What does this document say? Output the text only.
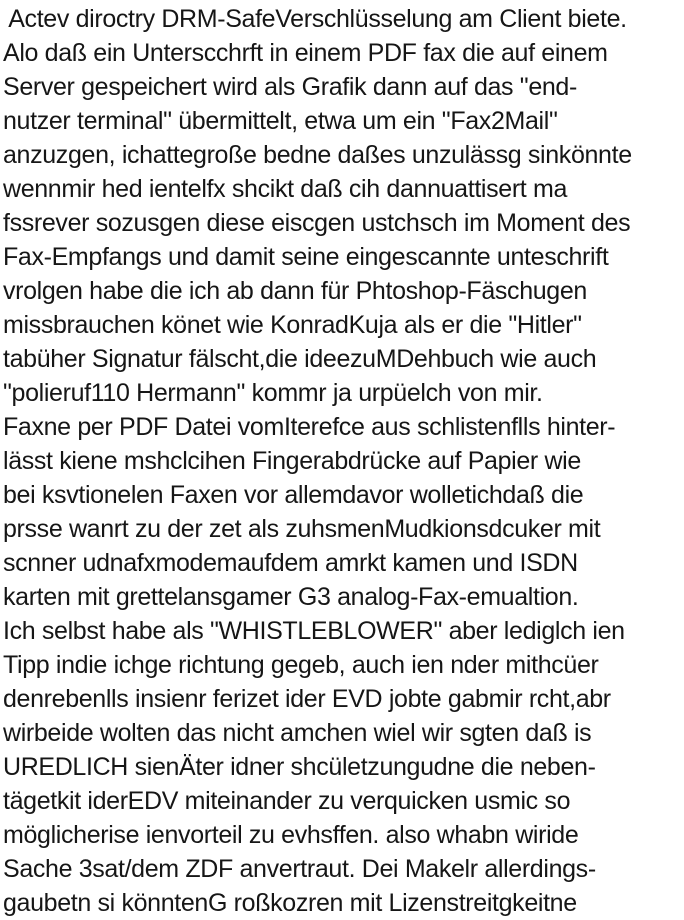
Actev diroctry DRM-SafeVerschlüsselung am Client biete.
Alo daß ein Unterscchrft in einem PDF fax die auf einem
Server gespeichert wird als Grafik dann auf das "end-
nutzer terminal" übermittelt, etwa um ein "Fax2Mail"
anzuzgen, ichattegroße bedne daßes unzulässg sinkönnte
wennmir hed ientelfx shcikt daß cih dannuattisert ma
fssrever sozusgen diese eiscgen ustchsch im Moment des
Fax-Empfangs und damit seine eingescannte unteschrift
vrolgen habe die ich ab dann für Phtoshop-Fäschugen
missbrauchen könet wie KonradKuja als er die "Hitler"
tabüher Signatur fälscht,die ideezuMDehbuch wie auch
"polieruf110 Hermann" kommr ja urpüelch von mir.
Faxne per PDF Datei vomIterefce aus schlistenflls hinter-
lässt kiene mshclcihen Fingerabdrücke auf Papier wie
bei ksvtionelen Faxen vor allemdavor wolletichdaß die
prsse wanrt zu der zet als zuhsmenMudkionsdcuker mit
scnner udnafxmodemaufdem amrkt kamen und ISDN
karten mit grettelansgamer G3 analog-Fax-emualtion.
Ich selbst habe als "WHISTLEBLOWER" aber lediglch ien
Tipp indie ichge richtung gegeb, auch ien nder mithcüer
denrebenlls insienr ferizet ider EVD jobte gabmir rcht,abr
wirbeide wolten das nicht amchen wiel wir sgten daß is
UREDLICH sienÄter idner shcületzungudne die neben-
tägetkit iderEDV miteinander zu verquicken usmic so
möglicherise ienvorteil zu evhsffen. also whabn wiride
Sache 3sat/dem ZDF anvertraut. Dei Makelr allerdings-
gaubetn si könntenG roßkozren mit Lizenstreitgkeitne
